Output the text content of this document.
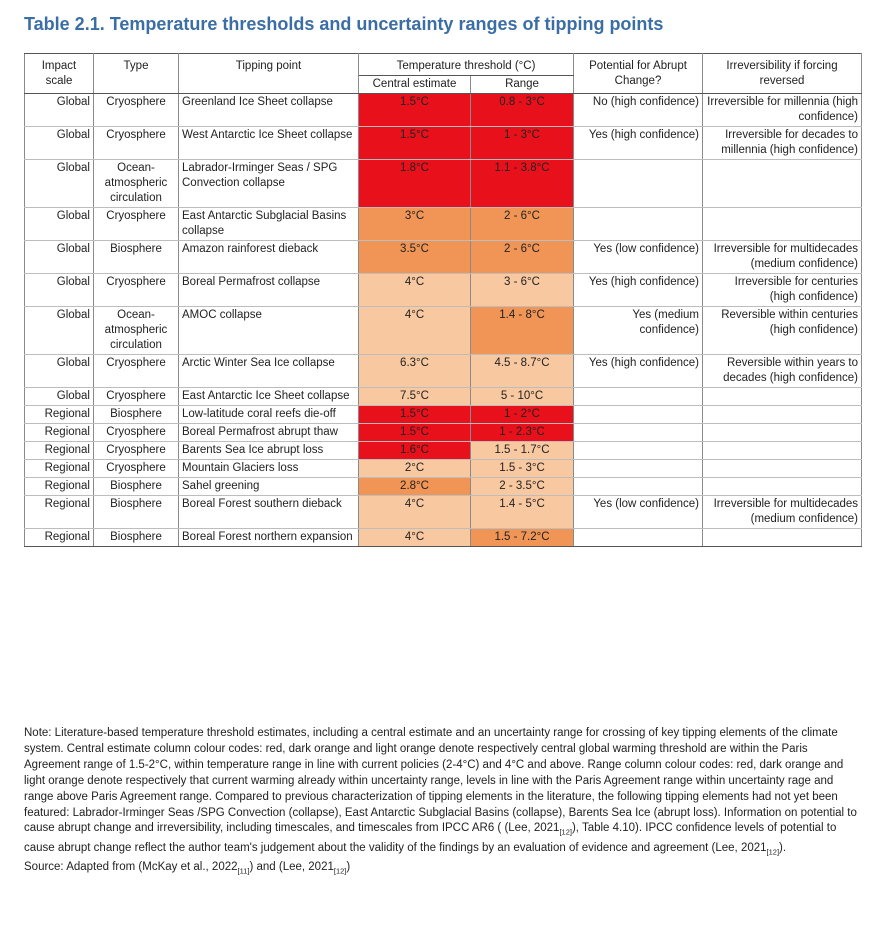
Table 2.1. Temperature thresholds and uncertainty ranges of tipping points
Impact scale	Type	Tipping point	Temperature threshold (°C)		Potential for Abrupt Change?	Irreversibility if forcing reversed
			Central estimate	Range		
Global	Cryosphere	Greenland Ice Sheet collapse	1.5°C	0.8 - 3°C	No (high confidence)	Irreversible for millennia (high confidence)
Global	Cryosphere	West Antarctic Ice Sheet collapse	1.5°C	1 - 3°C	Yes (high confidence)	Irreversible for decades to millennia (high confidence)
Global	Ocean-atmospheric circulation	Labrador-Irminger Seas / SPG Convection collapse	1.8°C	1.1 - 3.8°C		
Global	Cryosphere	East Antarctic Subglacial Basins collapse	3°C	2 - 6°C		
Global	Biosphere	Amazon rainforest dieback	3.5°C	2 - 6°C	Yes (low confidence)	Irreversible for multidecades (medium confidence)
Global	Cryosphere	Boreal Permafrost collapse	4°C	3 - 6°C	Yes (high confidence)	Irreversible for centuries (high confidence)
Global	Ocean-atmospheric circulation	AMOC collapse	4°C	1.4 - 8°C	Yes (medium confidence)	Reversible within centuries (high confidence)
Global	Cryosphere	Arctic Winter Sea Ice collapse	6.3°C	4.5 - 8.7°C	Yes (high confidence)	Reversible within years to decades (high confidence)
Global	Cryosphere	East Antarctic Ice Sheet collapse	7.5°C	5 - 10°C		
Regional	Biosphere	Low-latitude coral reefs die-off	1.5°C	1 - 2°C		
Regional	Cryosphere	Boreal Permafrost abrupt thaw	1.5°C	1 - 2.3°C		
Regional	Cryosphere	Barents Sea Ice abrupt loss	1.6°C	1.5 - 1.7°C		
Regional	Cryosphere	Mountain Glaciers loss	2°C	1.5 - 3°C		
Regional	Biosphere	Sahel greening	2.8°C	2 - 3.5°C		
Regional	Biosphere	Boreal Forest southern dieback	4°C	1.4 - 5°C	Yes (low confidence)	Irreversible for multidecades (medium confidence)
Regional	Biosphere	Boreal Forest northern expansion	4°C	1.5 - 7.2°C		
Note: Literature-based temperature threshold estimates, including a central estimate and an uncertainty range for crossing of key tipping elements of the climate system. Central estimate column colour codes: red, dark orange and light orange denote respectively central global warming threshold are within the Paris Agreement range of 1.5-2°C, within temperature range in line with current policies (2-4°C) and 4°C and above. Range column colour codes: red, dark orange and light orange denote respectively that current warming already within uncertainty range, levels in line with the Paris Agreement range within uncertainty rage and range above Paris Agreement range. Compared to previous characterization of tipping elements in the literature, the following tipping elements had not yet been featured: Labrador-Irminger Seas /SPG Convection (collapse), East Antarctic Subglacial Basins (collapse), Barents Sea Ice (abrupt loss). Information on potential to cause abrupt change and irreversibility, including timescales, and timescales from IPCC AR6 ( (Lee, $2021_{[12]}$), Table 4.10). IPCC confidence levels of potential to cause abrupt change reflect the author team's judgement about the validity of the findings by an evaluation of evidence and agreement (Lee, $2021_{[12]}$).
Source: Adapted from (McKay et al., $2022_{[11]}$) and (Lee, $2021_{[12]}$)
